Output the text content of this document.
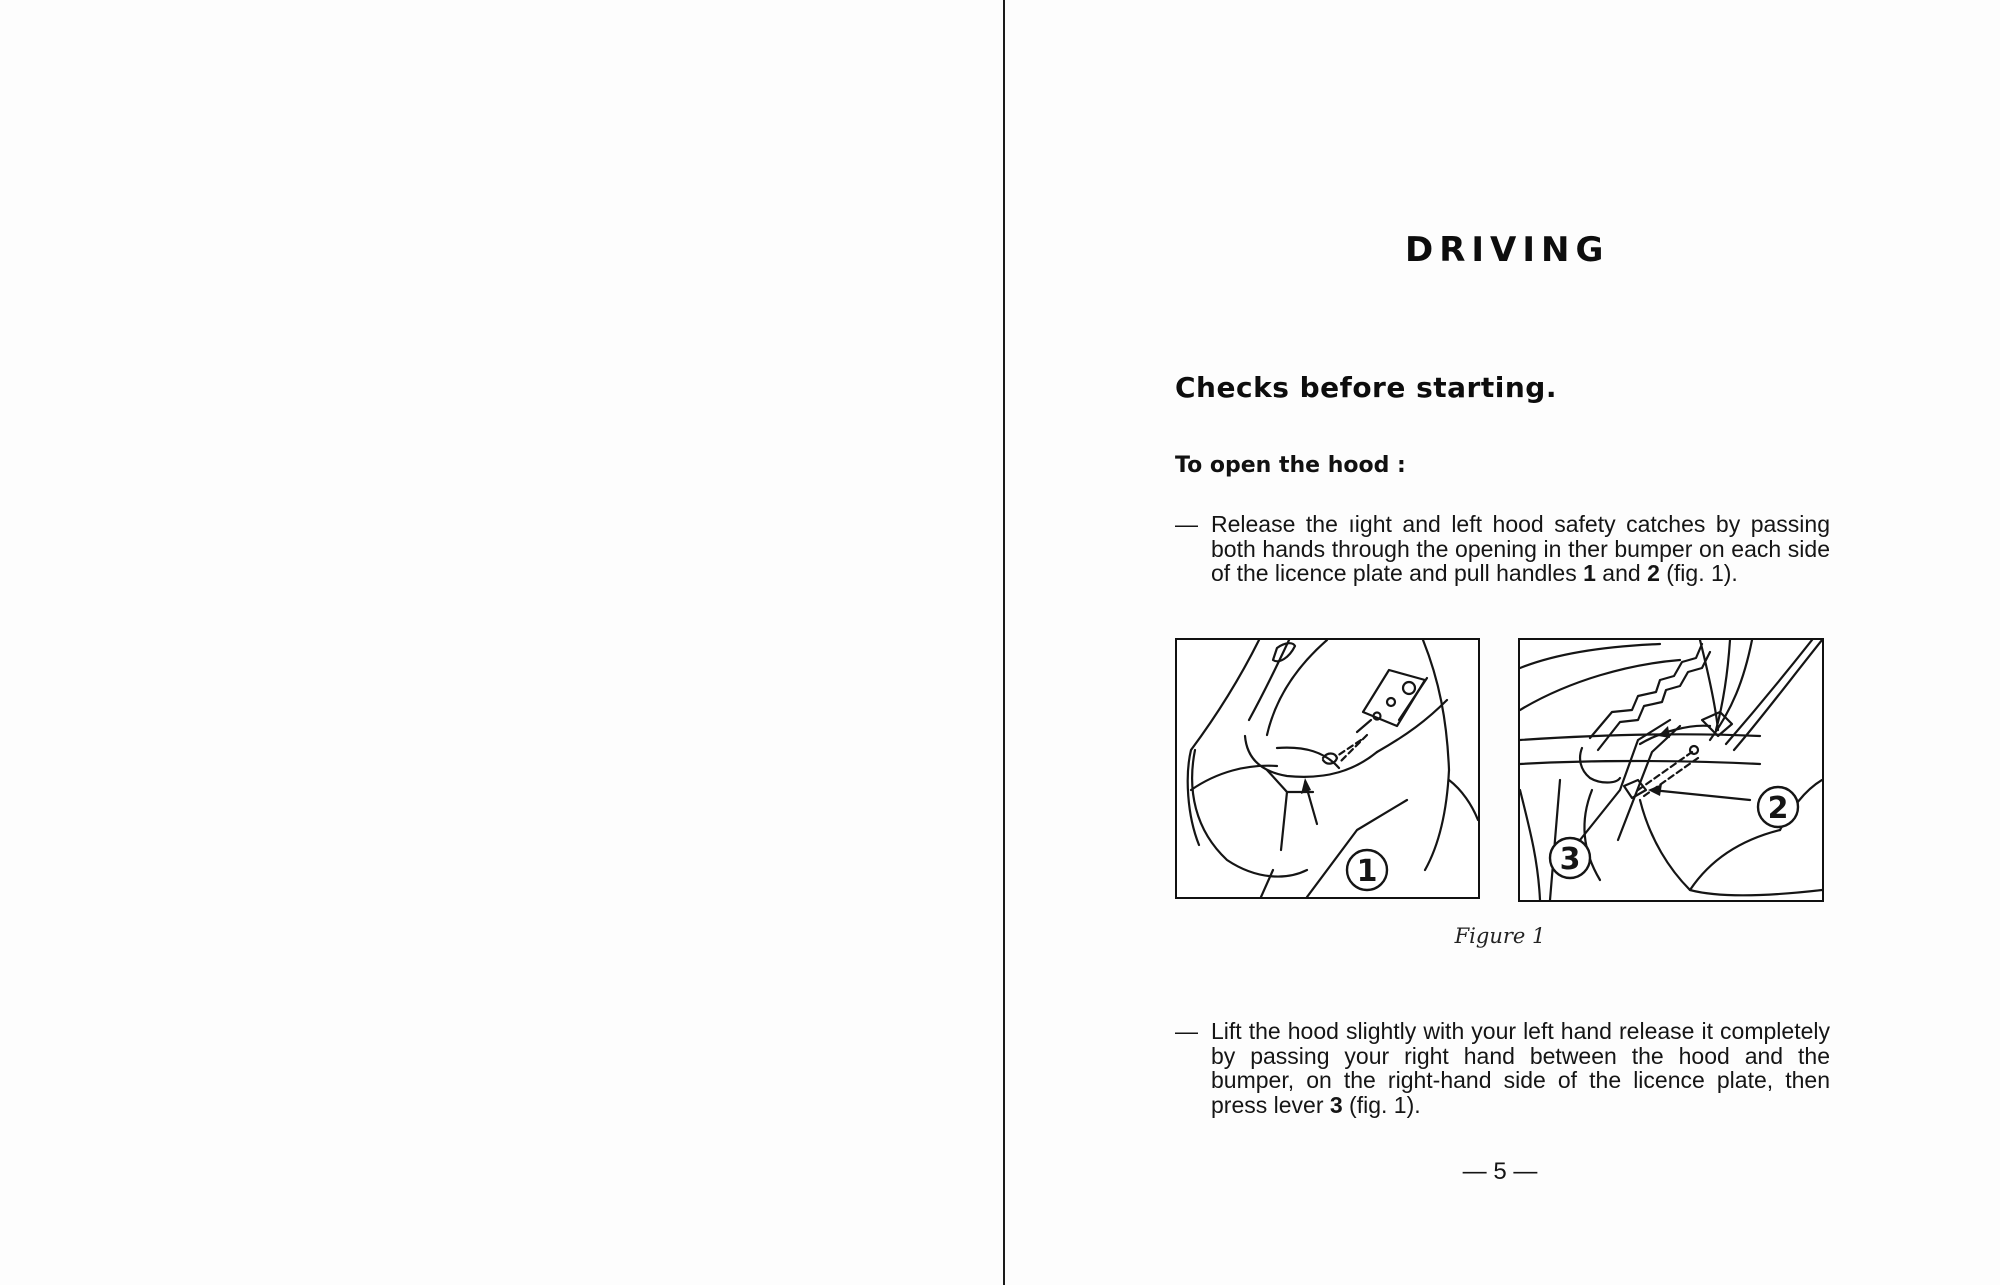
DRIVING
Checks before starting.
To open the hood :
— Release the ıight and left hood safety catches by passing both hands through the opening in ther bumper on each side of the licence plate and pull handles 1 and 2 (fig. 1).
1	3
2
Figure 1
— Lift the hood slightly with your left hand release it completely by passing your right hand between the hood and the bumper, on the right-hand side of the licence plate, then press lever 3 (fig. 1).
— 5 —
